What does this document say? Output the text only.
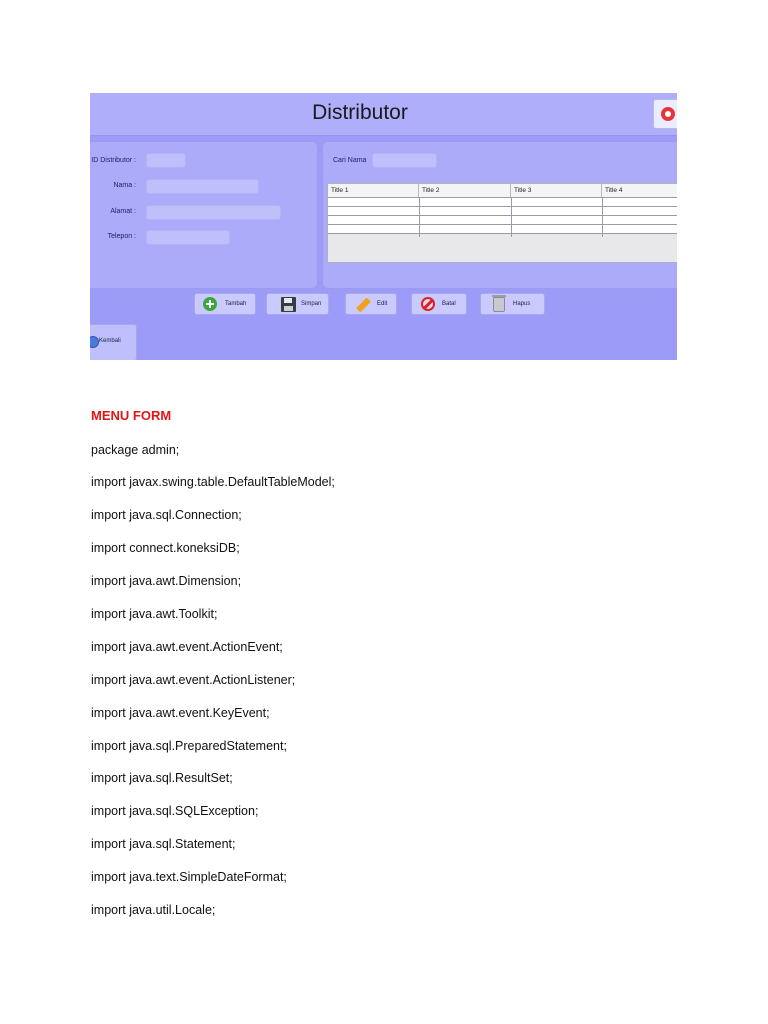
Distributor
ID Distributor :
Nama :
Alamat :
Telepon :
Cari Nama
Title 1	Title 2	Title 3	Title 4
Tambah	Simpan	Edit	Batal	Hapus
Kembali
MENU FORM
package admin;
import javax.swing.table.DefaultTableModel;
import java.sql.Connection;
import connect.koneksiDB;
import java.awt.Dimension;
import java.awt.Toolkit;
import java.awt.event.ActionEvent;
import java.awt.event.ActionListener;
import java.awt.event.KeyEvent;
import java.sql.PreparedStatement;
import java.sql.ResultSet;
import java.sql.SQLException;
import java.sql.Statement;
import java.text.SimpleDateFormat;
import java.util.Locale;
